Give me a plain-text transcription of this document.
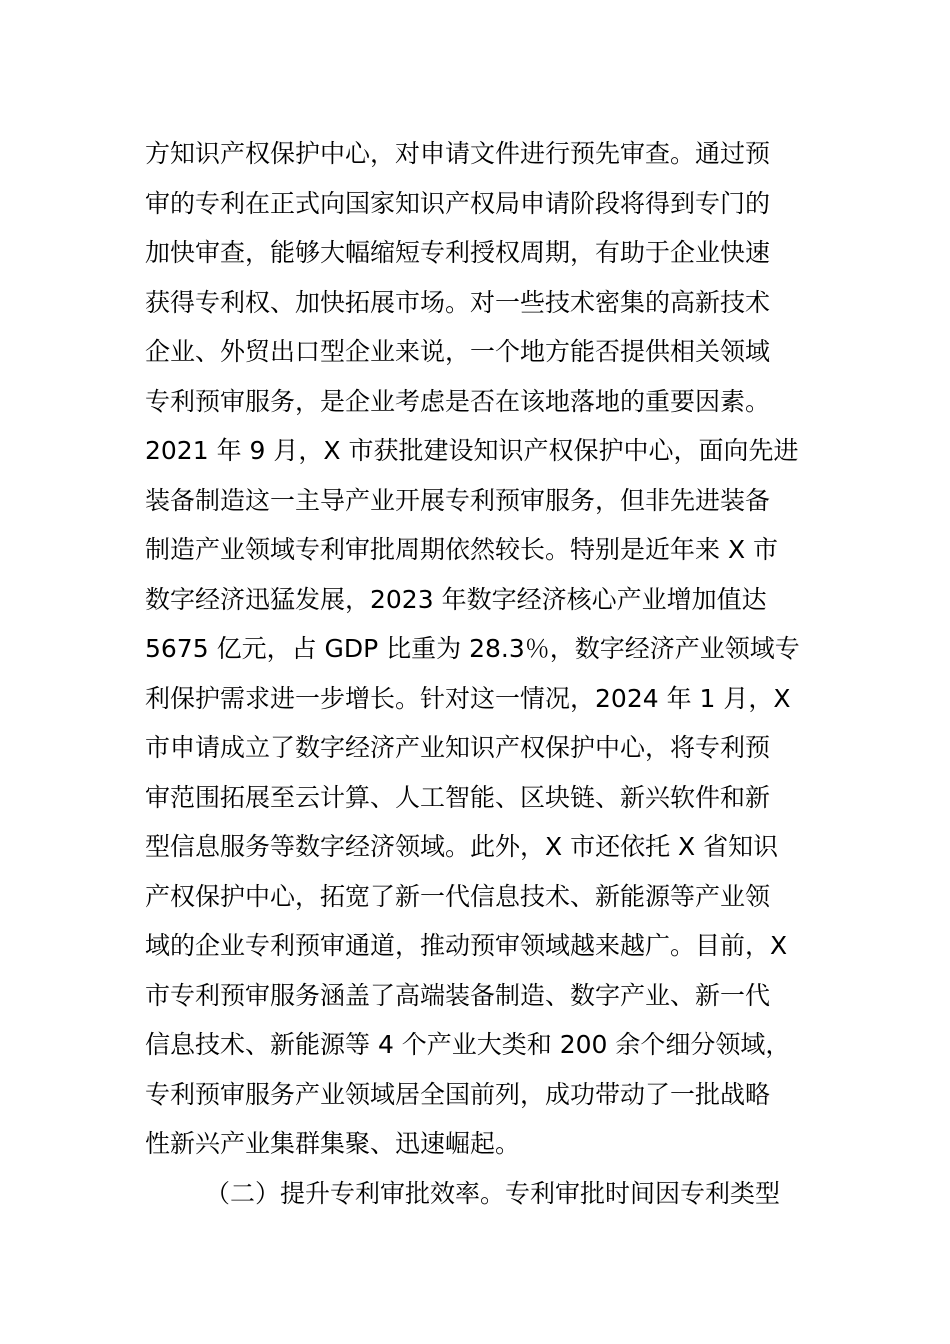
方知识产权保护中心，对申请文件进行预先审查。通过预
审的专利在正式向国家知识产权局申请阶段将得到专门的
加快审查，能够大幅缩短专利授权周期，有助于企业快速
获得专利权、加快拓展市场。对一些技术密集的高新技术
企业、外贸出口型企业来说，一个地方能否提供相关领域
专利预审服务，是企业考虑是否在该地落地的重要因素。
2021 年 9 月，X 市获批建设知识产权保护中心，面向先进
装备制造这一主导产业开展专利预审服务，但非先进装备
制造产业领域专利审批周期依然较长。特别是近年来 X 市
数字经济迅猛发展，2023 年数字经济核心产业增加值达
5675 亿元，占 GDP 比重为 28.3％，数字经济产业领域专
利保护需求进一步增长。针对这一情况，2024 年 1 月，X
市申请成立了数字经济产业知识产权保护中心，将专利预
审范围拓展至云计算、人工智能、区块链、新兴软件和新
型信息服务等数字经济领域。此外，X 市还依托 X 省知识
产权保护中心，拓宽了新一代信息技术、新能源等产业领
域的企业专利预审通道，推动预审领域越来越广。目前，X
市专利预审服务涵盖了高端装备制造、数字产业、新一代
信息技术、新能源等 4 个产业大类和 200 余个细分领域，
专利预审服务产业领域居全国前列，成功带动了一批战略
性新兴产业集群集聚、迅速崛起。
（二）提升专利审批效率。专利审批时间因专利类型
